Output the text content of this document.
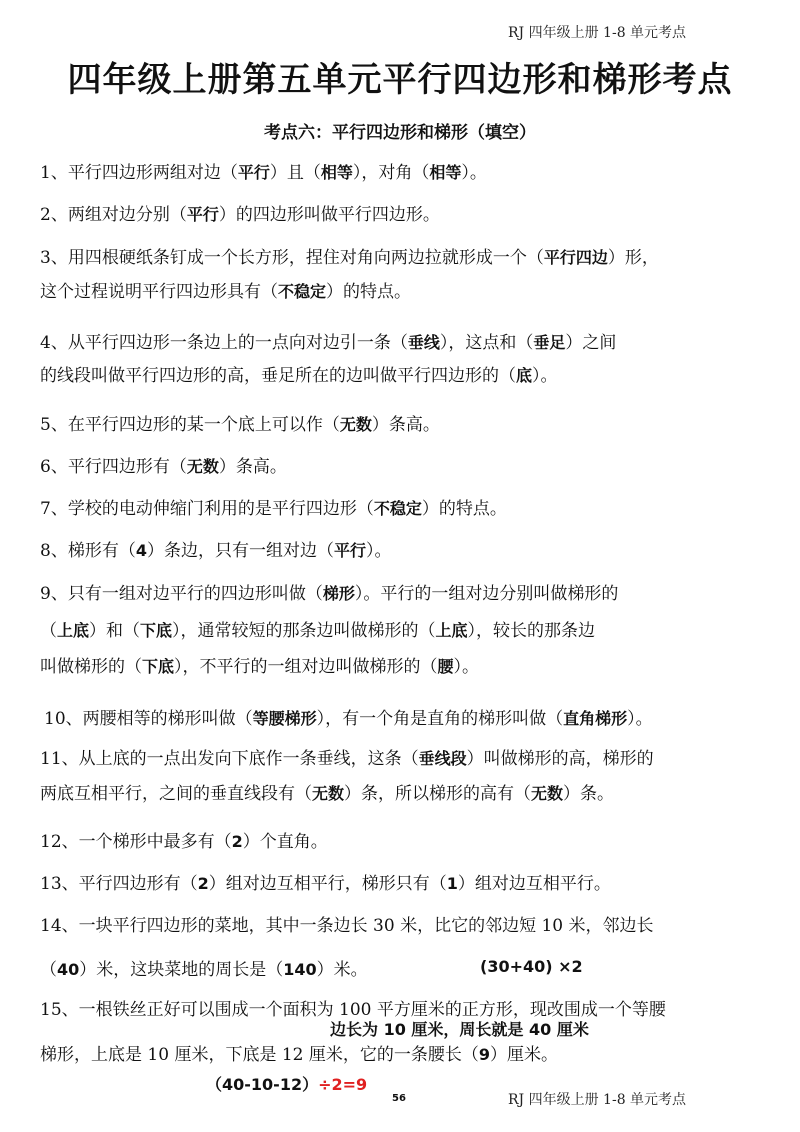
RJ 四年级上册 1-8 单元考点
四年级上册第五单元平行四边形和梯形考点
考点六：平行四边形和梯形（填空）
1、平行四边形两组对边（平行）且（相等），对角（相等）。
2、两组对边分别（平行）的四边形叫做平行四边形。
3、用四根硬纸条钉成一个长方形，捏住对角向两边拉就形成一个（平行四边）形，
这个过程说明平行四边形具有（不稳定）的特点。
4、从平行四边形一条边上的一点向对边引一条（垂线），这点和（垂足）之间
的线段叫做平行四边形的高，垂足所在的边叫做平行四边形的（底）。
5、在平行四边形的某一个底上可以作（无数）条高。
6、平行四边形有（无数）条高。
7、学校的电动伸缩门利用的是平行四边形（不稳定）的特点。
8、梯形有（4）条边，只有一组对边（平行）。
9、只有一组对边平行的四边形叫做（梯形）。平行的一组对边分别叫做梯形的
（上底）和（下底），通常较短的那条边叫做梯形的（上底），较长的那条边
叫做梯形的（下底），不平行的一组对边叫做梯形的（腰）。
10、两腰相等的梯形叫做（等腰梯形），有一个角是直角的梯形叫做（直角梯形）。
11、从上底的一点出发向下底作一条垂线，这条（垂线段）叫做梯形的高，梯形的
两底互相平行，之间的垂直线段有（无数）条，所以梯形的高有（无数）条。
12、一个梯形中最多有（2）个直角。
13、平行四边形有（2）组对边互相平行，梯形只有（1）组对边互相平行。
14、一块平行四边形的菜地，其中一条边长 30 米，比它的邻边短 10 米，邻边长
（40）米，这块菜地的周长是（140）米。	(30+40) ×2
15、一根铁丝正好可以围成一个面积为 100 平方厘米的正方形，现改围成一个等腰
边长为 10 厘米，周长就是 40 厘米
梯形，上底是 10 厘米，下底是 12 厘米，它的一条腰长（9）厘米。
（40-10-12）÷2=9
56	RJ 四年级上册 1-8 单元考点
